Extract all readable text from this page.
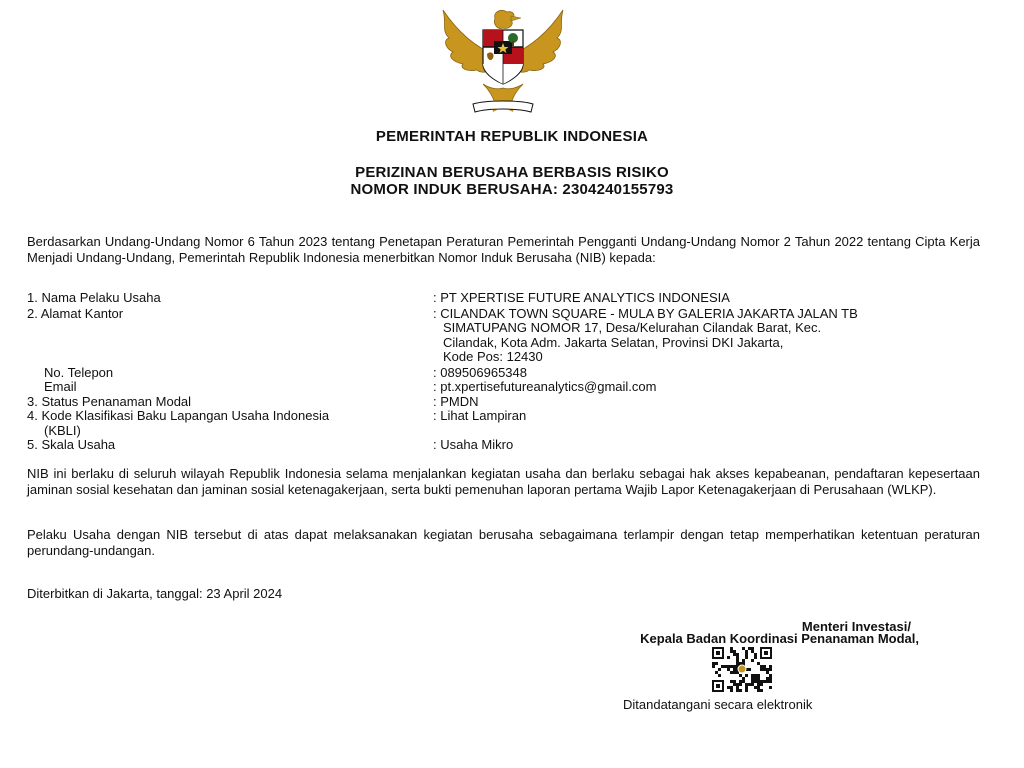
PEMERINTAH REPUBLIK INDONESIA
PERIZINAN BERUSAHA BERBASIS RISIKO
NOMOR INDUK BERUSAHA: 2304240155793
Berdasarkan Undang-Undang Nomor 6 Tahun 2023 tentang Penetapan Peraturan Pemerintah Pengganti Undang-Undang Nomor 2 Tahun 2022 tentang Cipta Kerja Menjadi Undang-Undang, Pemerintah Republik Indonesia menerbitkan Nomor Induk Berusaha (NIB) kepada:
1. Nama Pelaku Usaha	: PT XPERTISE FUTURE ANALYTICS INDONESIA
2. Alamat Kantor	: CILANDAK TOWN SQUARE - MULA BY GALERIA JAKARTA JALAN TB
SIMATUPANG NOMOR 17, Desa/Kelurahan Cilandak Barat, Kec.
Cilandak, Kota Adm. Jakarta Selatan, Provinsi DKI Jakarta,
Kode Pos: 12430
No. Telepon	: 089506965348
Email	: pt.xpertisefutureanalytics@gmail.com
3. Status Penanaman Modal	: PMDN
4. Kode Klasifikasi Baku Lapangan Usaha Indonesia	: Lihat Lampiran
(KBLI)
5. Skala Usaha	: Usaha Mikro
NIB ini berlaku di seluruh wilayah Republik Indonesia selama menjalankan kegiatan usaha dan berlaku sebagai hak akses kepabeanan, pendaftaran kepesertaan jaminan sosial kesehatan dan jaminan sosial ketenagakerjaan, serta bukti pemenuhan laporan pertama Wajib Lapor Ketenagakerjaan di Perusahaan (WLKP).
Pelaku Usaha dengan NIB tersebut di atas dapat melaksanakan kegiatan berusaha sebagaimana terlampir dengan tetap memperhatikan ketentuan peraturan perundang-undangan.
Diterbitkan di Jakarta, tanggal: 23 April 2024
Menteri Investasi/
Kepala Badan Koordinasi Penanaman Modal,
Ditandatangani secara elektronik
